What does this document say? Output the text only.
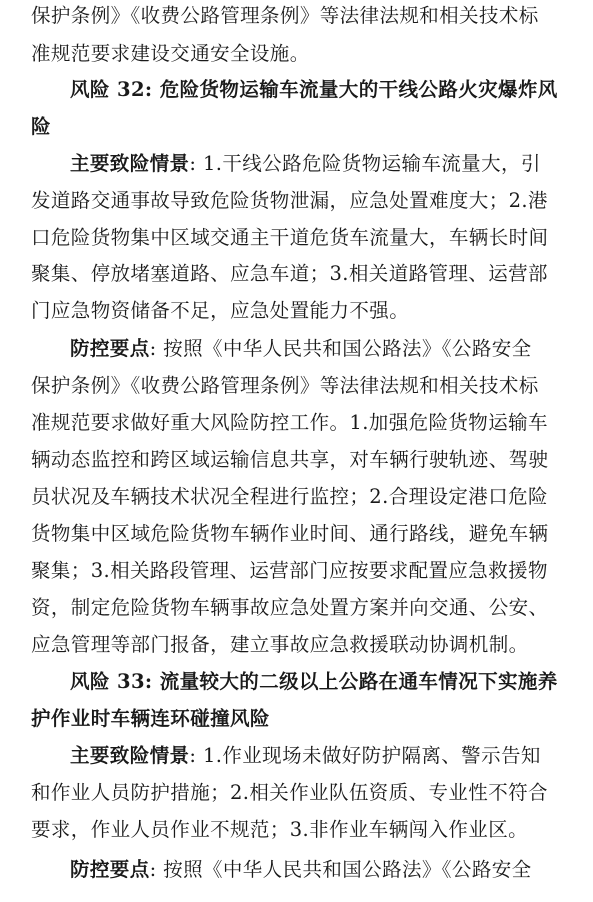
保护条例》《收费公路管理条例》等法律法规和相关技术标
准规范要求建设交通安全设施。
风险 32: 危险货物运输车流量大的干线公路火灾爆炸风
险
主要致险情景: 1.干线公路危险货物运输车流量大，引
发道路交通事故导致危险货物泄漏，应急处置难度大；2.港
口危险货物集中区域交通主干道危货车流量大，车辆长时间
聚集、停放堵塞道路、应急车道；3.相关道路管理、运营部
门应急物资储备不足，应急处置能力不强。
防控要点: 按照《中华人民共和国公路法》《公路安全
保护条例》《收费公路管理条例》等法律法规和相关技术标
准规范要求做好重大风险防控工作。1.加强危险货物运输车
辆动态监控和跨区域运输信息共享，对车辆行驶轨迹、驾驶
员状况及车辆技术状况全程进行监控；2.合理设定港口危险
货物集中区域危险货物车辆作业时间、通行路线，避免车辆
聚集；3.相关路段管理、运营部门应按要求配置应急救援物
资，制定危险货物车辆事故应急处置方案并向交通、公安、
应急管理等部门报备，建立事故应急救援联动协调机制。
风险 33: 流量较大的二级以上公路在通车情况下实施养
护作业时车辆连环碰撞风险
主要致险情景: 1.作业现场未做好防护隔离、警示告知
和作业人员防护措施；2.相关作业队伍资质、专业性不符合
要求，作业人员作业不规范；3.非作业车辆闯入作业区。
防控要点: 按照《中华人民共和国公路法》《公路安全
